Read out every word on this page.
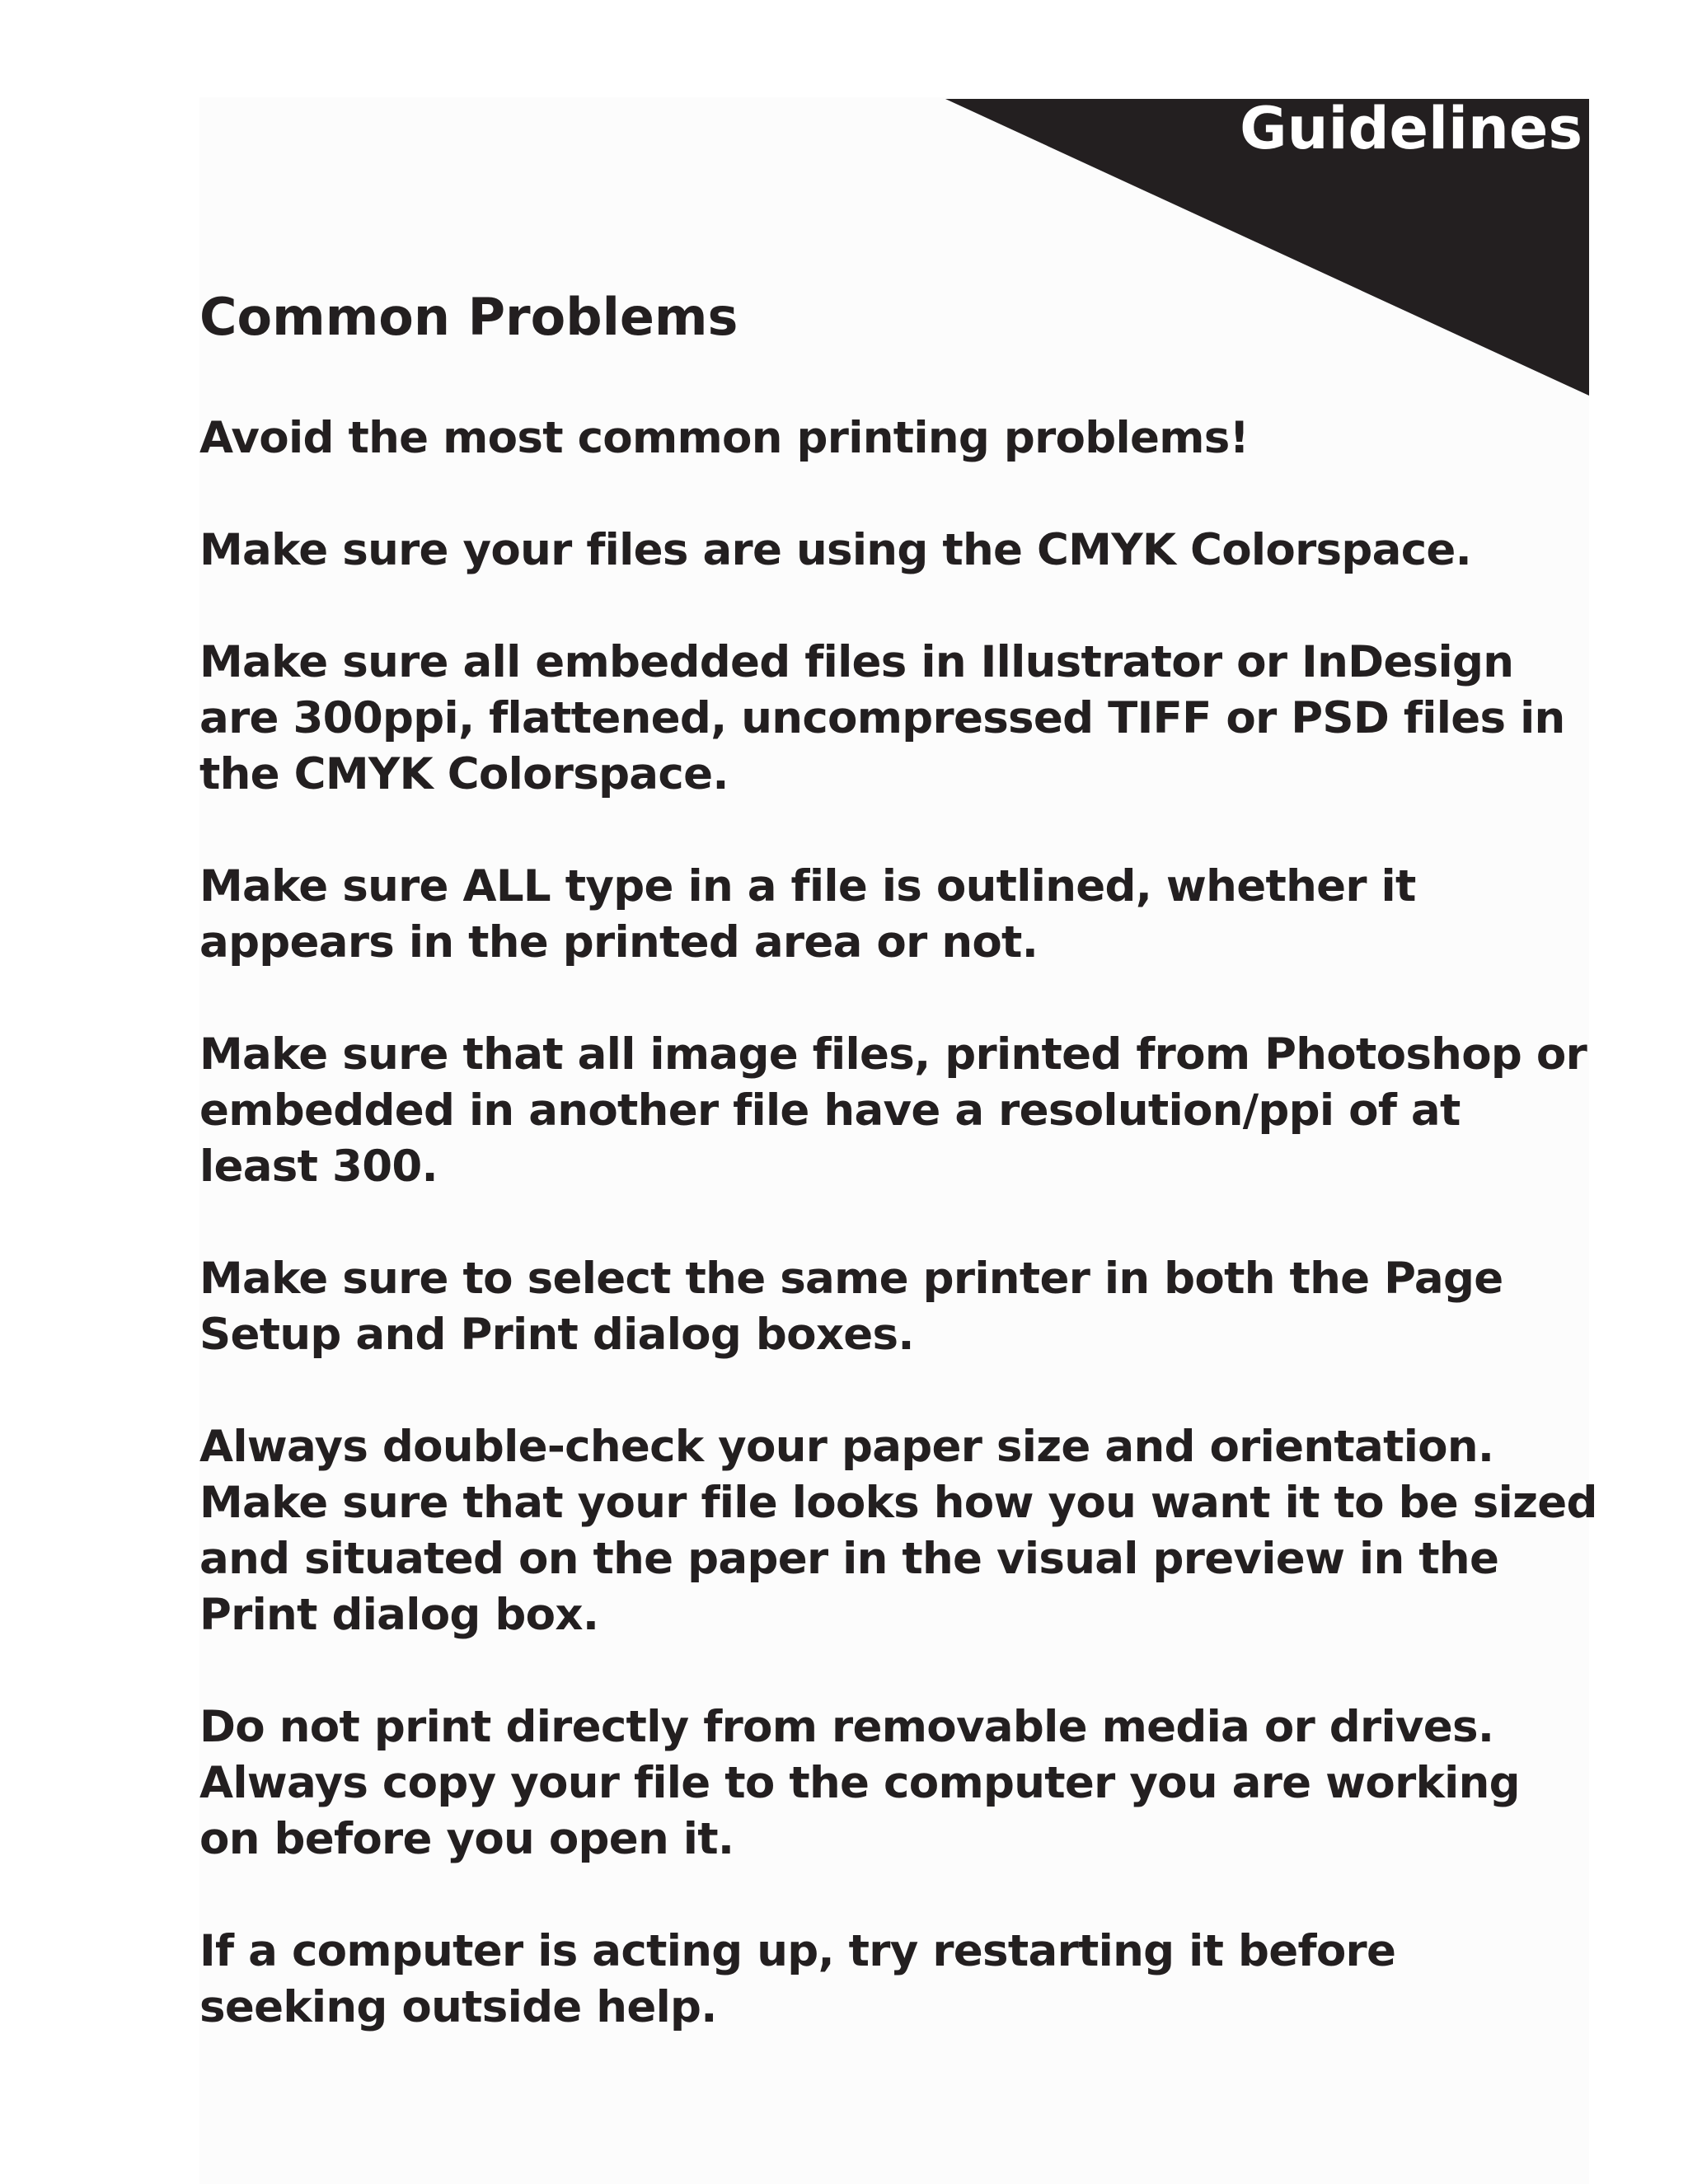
Guidelines
Common Problems
Avoid the most common printing problems!
Make sure your files are using the CMYK Colorspace.
Make sure all embedded files in Illustrator or InDesign
are 300ppi, flattened, uncompressed TIFF or PSD files in
the CMYK Colorspace.
Make sure ALL type in a file is outlined, whether it
appears in the printed area or not.
Make sure that all image files, printed from Photoshop or
embedded in another file have a resolution/ppi of at
least 300.
Make sure to select the same printer in both the Page
Setup and Print dialog boxes.
Always double-check your paper size and orientation.
Make sure that your file looks how you want it to be sized
and situated on the paper in the visual preview in the
Print dialog box.
Do not print directly from removable media or drives.
Always copy your file to the computer you are working
on before you open it.
If a computer is acting up, try restarting it before
seeking outside help.
